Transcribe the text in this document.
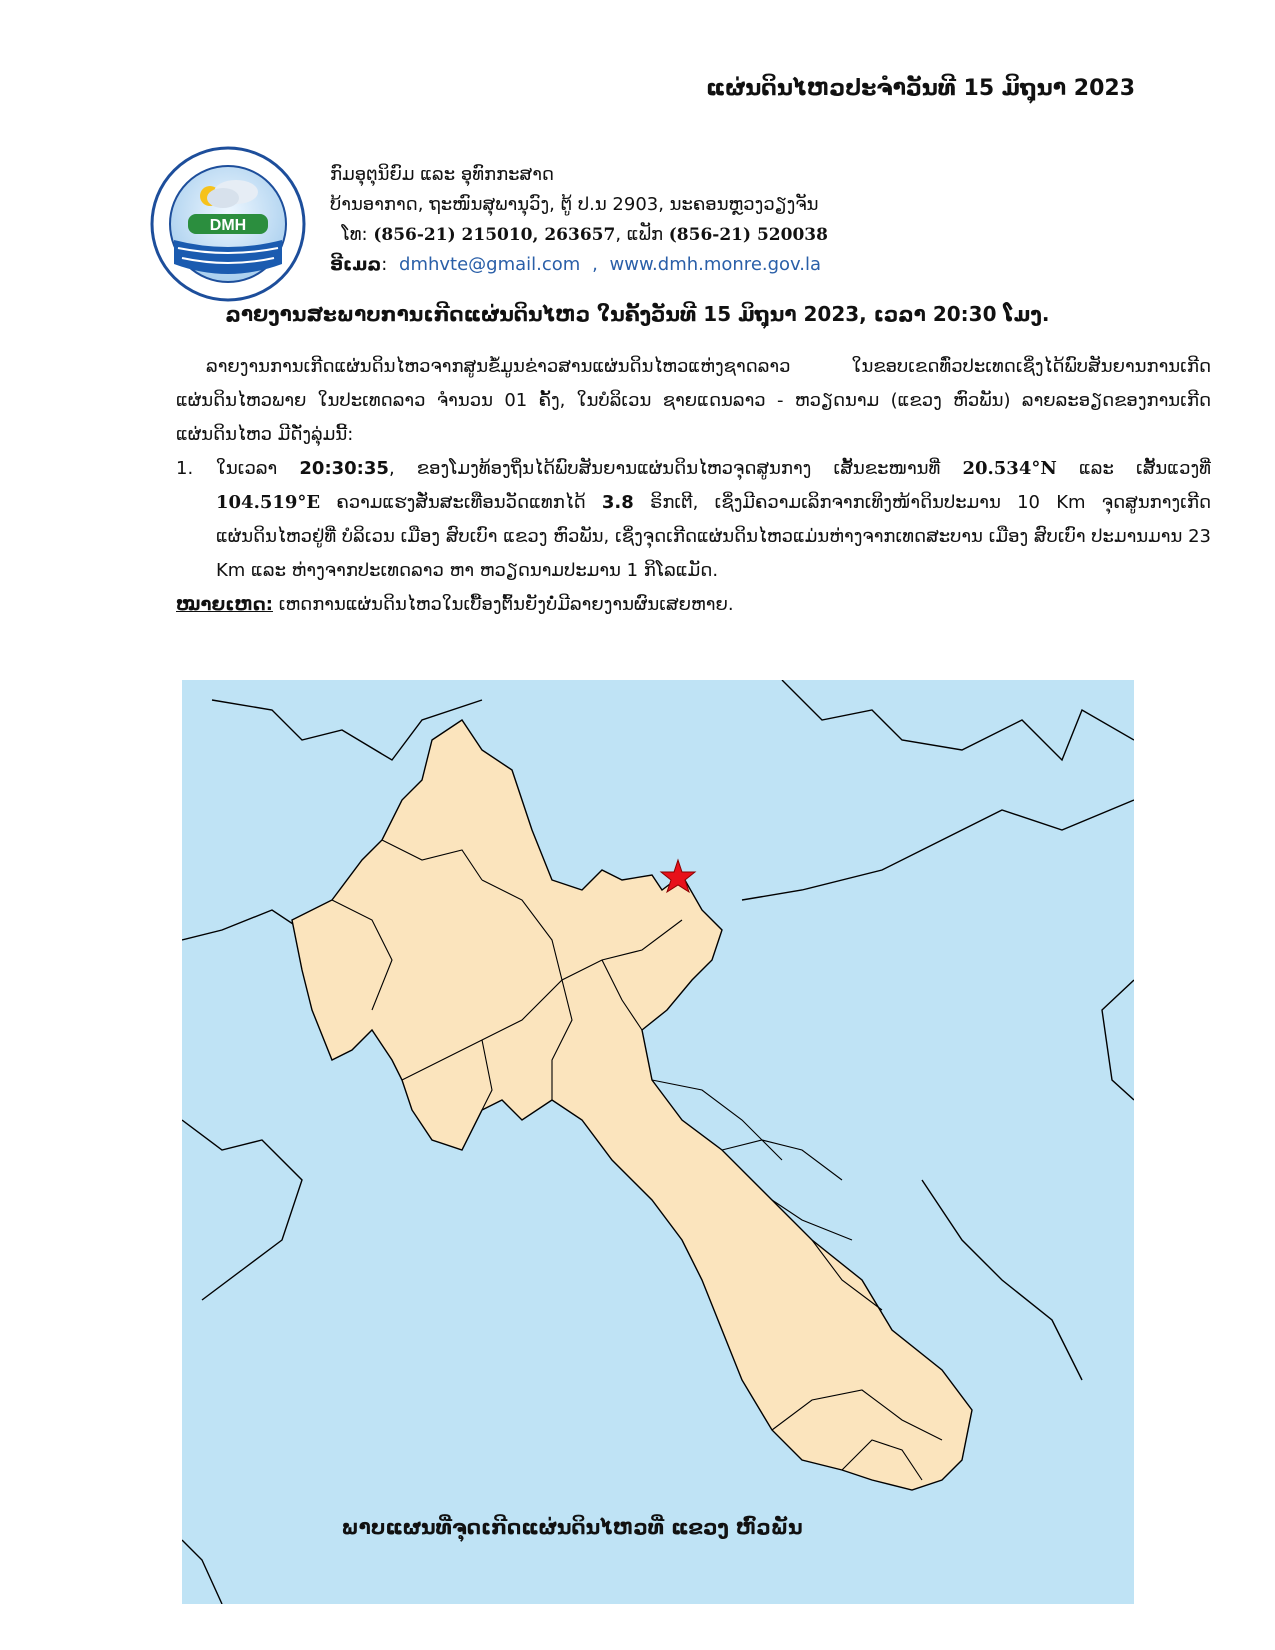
ແຜ່ນດິນໄຫວປະຈຳວັນທີ 15 ມິຖຸນາ 2023
DMH
ກົມອຸຕຸນິຍົມ ແລະ ອຸທົກກະສາດ
ບ້ານອາກາດ, ຖະໜົນສຸພານຸວົງ, ຕູ້ ປ.ນ 2903, ນະຄອນຫຼວງວຽງຈັນ
ໂທ: (856-21) 215010, 263657, ແຟັກ (856-21) 520038
ອີເມລ: dmhvte@gmail.com , www.dmh.monre.gov.la
ລາຍງານສະພາບການເກີດແຜ່ນດິນໄຫວ ໃນຄັ້ງວັນທີ 15 ມິຖຸນາ 2023, ເວລາ 20:30 ໂມງ.

ລາຍງານການເກີດແຜ່ນດິນໄຫວຈາກສູນຂໍ້ມູນຂ່າວສານແຜ່ນດິນໄຫວແຫ່ງຊາດລາວ ໃນຂອບເຂດທົ່ວປະເທດເຊິ່ງໄດ້ພົບສັນຍານການເກີດແຜ່ນດິນໄຫວພາຍ ໃນປະເທດລາວ ຈຳນວນ 01 ຄັ້ງ, ໃນບໍລິເວນ ຊາຍແດນລາວ - ຫວຽດນາມ (ແຂວງ ຫົວພັນ) ລາຍລະອຽດຂອງການເກີດແຜ່ນດິນໄຫວ ມີດັ່ງລຸ່ມນີ້:

1.	ໃນເວລາ 20:30:35, ຂອງໂມງທ້ອງຖິ່ນໄດ້ພົບສັນຍານແຜ່ນດິນໄຫວຈຸດສູນກາງ ເສັ້ນຂະໜານທີ່ 20.534°N ແລະ ເສັ້ນແວງທີ່ 104.519°E ຄວາມແຮງສັ່ນສະເທືອນວັດແທກໄດ້ 3.8 ຣິກເຕີ, ເຊິ່ງມີຄວາມເລິກຈາກເທິງໜ້າດິນປະມານ 10 Km ຈຸດສູນກາງເກີດແຜ່ນດິນໄຫວຢູ່ທີ່ ບໍລິເວນ ເມືອງ ສົບເບົາ ແຂວງ ຫົວພັນ, ເຊິ່ງຈຸດເກີດແຜ່ນດິນໄຫວແມ່ນຫ່າງຈາກເທດສະບານ ເມືອງ ສົບເບົາ ປະມານມານ 23 Km ແລະ ຫ່າງຈາກປະເທດລາວ ຫາ ຫວຽດນາມປະມານ 1 ກິໂລແມັດ.
ໝາຍເຫດ: ເຫດການແຜ່ນດິນໄຫວໃນເບື້ອງຕົ້ນຍັງບໍ່ມີລາຍງານຜົນເສຍຫາຍ.
ພາບແຜນທີ່ຈຸດເກີດແຜ່ນດິນໄຫວທີ່ ແຂວງ ຫົວພັນ
